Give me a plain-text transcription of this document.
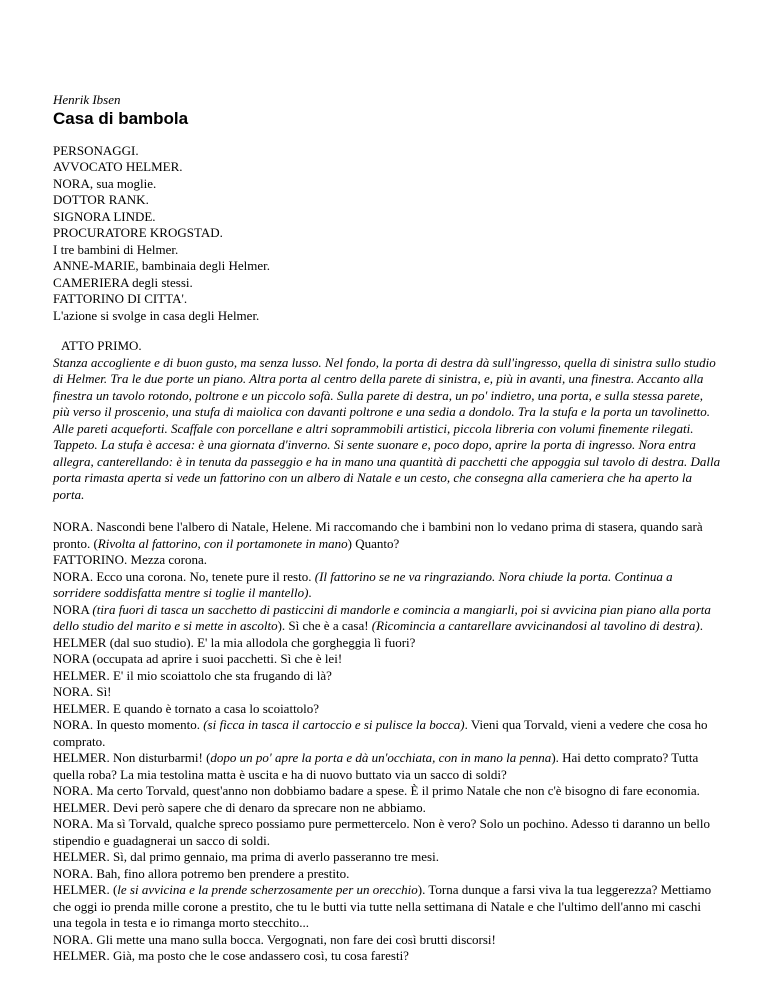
Henrik Ibsen

Casa di bambola

PERSONAGGI.

AVVOCATO HELMER.

NORA, sua moglie.

DOTTOR RANK.

SIGNORA LINDE.

PROCURATORE KROGSTAD.

I tre bambini di Helmer.

ANNE-MARIE, bambinaia degli Helmer.

CAMERIERA degli stessi.

FATTORINO DI CITTA'.

L'azione si svolge in casa degli Helmer.

ATTO PRIMO.

Stanza accogliente e di buon gusto, ma senza lusso. Nel fondo, la porta di destra dà sull'ingresso, quella di sinistra sullo studio di Helmer. Tra le due porte un piano. Altra porta al centro della parete di sinistra, e, più in avanti, una finestra. Accanto alla finestra un tavolo rotondo, poltrone e un piccolo sofà. Sulla parete di destra, un po' indietro, una porta, e sulla stessa parete, più verso il proscenio, una stufa di maiolica con davanti poltrone e una sedia a dondolo. Tra la stufa e la porta un tavolinetto. Alle pareti acqueforti. Scaffale con porcellane e altri soprammobili artistici, piccola libreria con volumi finemente rilegati. Tappeto. La stufa è accesa: è una giornata d'inverno. Si sente suonare e, poco dopo, aprire la porta di ingresso. Nora entra allegra, canterellando: è in tenuta da passeggio e ha in mano una quantità di pacchetti che appoggia sul tavolo di destra. Dalla porta rimasta aperta si vede un fattorino con un albero di Natale e un cesto, che consegna alla cameriera che ha aperto la porta.

NORA. Nascondi bene l'albero di Natale, Helene. Mi raccomando che i bambini non lo vedano prima di stasera, quando sarà pronto. (Rivolta al fattorino, con il portamonete in mano) Quanto?

FATTORINO. Mezza corona.

NORA. Ecco una corona. No, tenete pure il resto. (Il fattorino se ne va ringraziando. Nora chiude la porta. Continua a sorridere soddisfatta mentre si toglie il mantello).

NORA (tira fuori di tasca un sacchetto di pasticcini di mandorle e comincia a mangiarli, poi si avvicina pian piano alla porta dello studio del marito e si mette in ascolto). Sì che è a casa! (Ricomincia a cantarellare avvicinandosi al tavolino di destra).

HELMER (dal suo studio). E' la mia allodola che gorgheggia lì fuori?

NORA (occupata ad aprire i suoi pacchetti. Sì che è lei!

HELMER. E' il mio scoiattolo che sta frugando di là?

NORA. Sì!

HELMER. E quando è tornato a casa lo scoiattolo?

NORA. In questo momento. (si ficca in tasca il cartoccio e si pulisce la bocca). Vieni qua Torvald, vieni a vedere che cosa ho comprato.

HELMER. Non disturbarmi! (dopo un po' apre la porta e dà un'occhiata, con in mano la penna). Hai detto comprato? Tutta quella roba? La mia testolina matta è uscita e ha di nuovo buttato via un sacco di soldi?

NORA. Ma certo Torvald, quest'anno non dobbiamo badare a spese. È il primo Natale che non c'è bisogno di fare economia.

HELMER. Devi però sapere che di denaro da sprecare non ne abbiamo.

NORA. Ma sì Torvald, qualche spreco possiamo pure permettercelo. Non è vero? Solo un pochino. Adesso ti daranno un bello stipendio e guadagnerai un sacco di soldi.

HELMER. Sì, dal primo gennaio, ma prima di averlo passeranno tre mesi.

NORA. Bah, fino allora potremo ben prendere a prestito.

HELMER. (le si avvicina e la prende scherzosamente per un orecchio). Torna dunque a farsi viva la tua leggerezza? Mettiamo che oggi io prenda mille corone a prestito, che tu le butti via tutte nella settimana di Natale e che l'ultimo dell'anno mi caschi una tegola in testa e io rimanga morto stecchito...

NORA. Gli mette una mano sulla bocca. Vergognati, non fare dei così brutti discorsi!

HELMER. Già, ma posto che le cose andassero così, tu cosa faresti?
